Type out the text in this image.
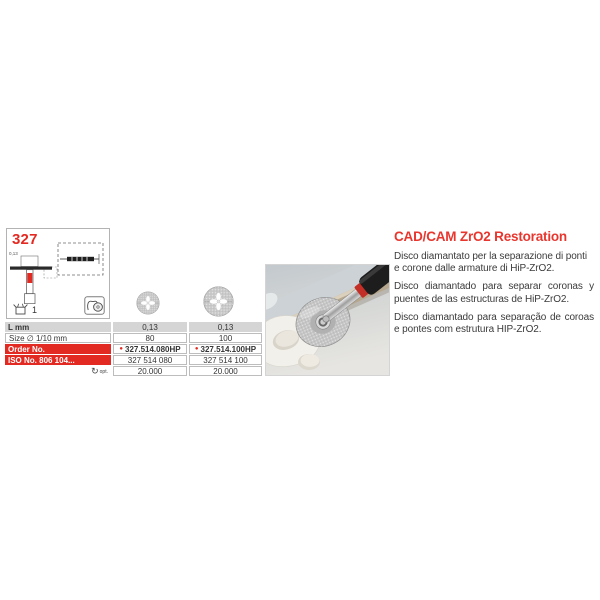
327
0,13
1
L mm	0,13	0,13
Size ∅ 1/10 mm	80	100
Order No.	● 327.514.080HP ● 327.514.100HP
ISO No. 806 104...	327 514 080	327 514 100
↻ opt.	20.000	20.000
CAD/CAM ZrO2 Restoration

Disco diamantato per la separazione di ponti e corone dalle armature di HiP-ZrO2.

Disco diamantado para separar coronas y puentes de las estructuras de HiP-ZrO2.

Disco diamantado para separação de coroas e pontes com estrutura HIP-ZrO2.
